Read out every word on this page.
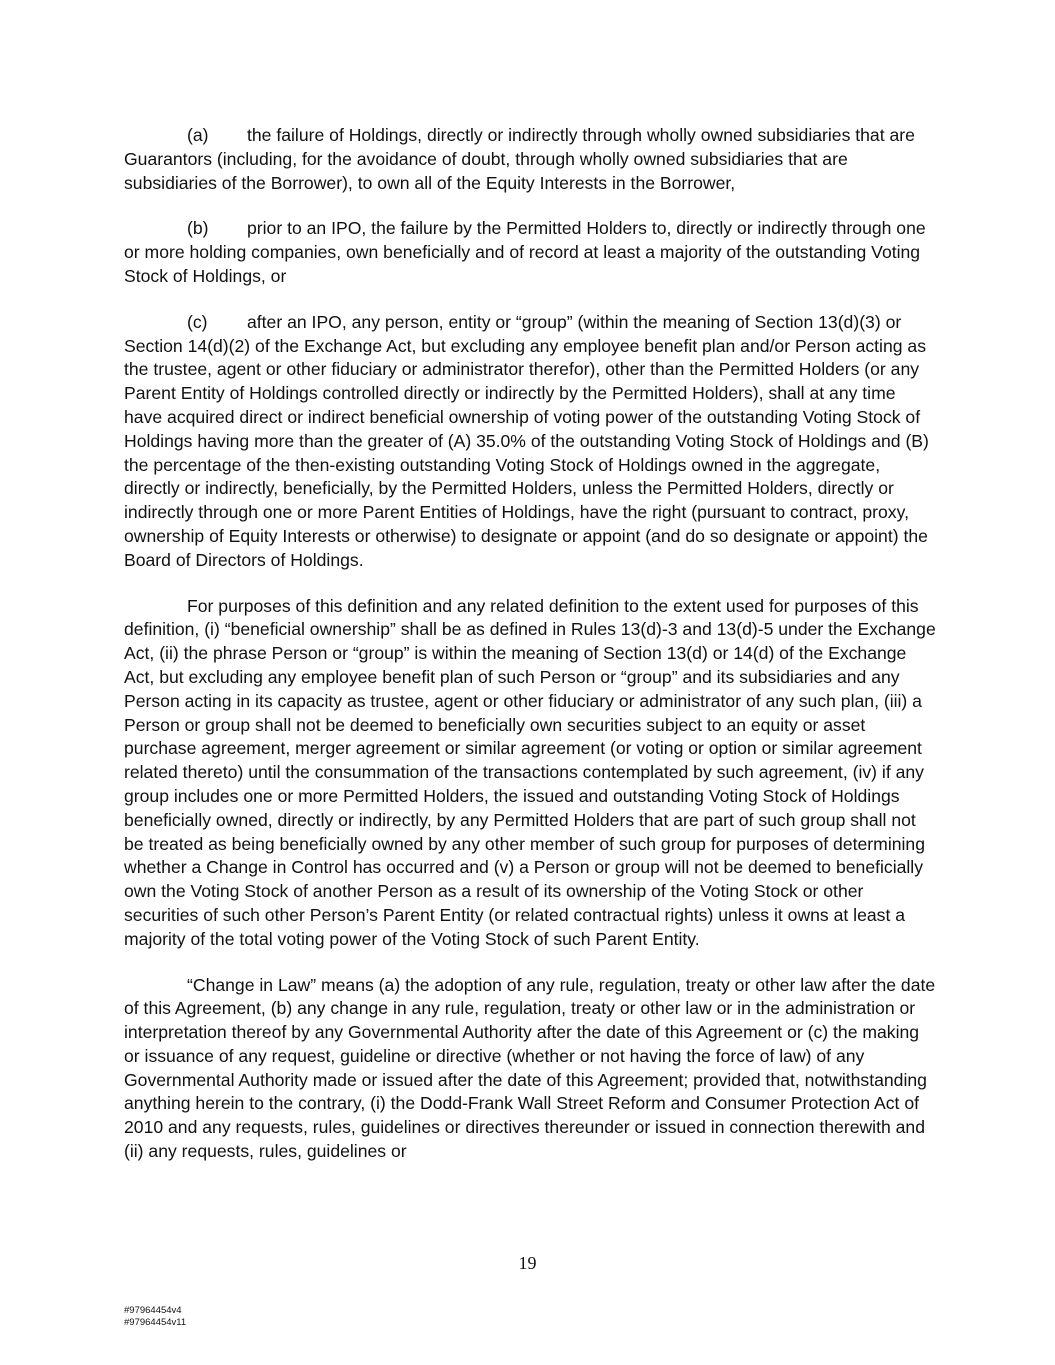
(a) the failure of Holdings, directly or indirectly through wholly owned subsidiaries that are Guarantors (including, for the avoidance of doubt, through wholly owned subsidiaries that are subsidiaries of the Borrower), to own all of the Equity Interests in the Borrower,

(b) prior to an IPO, the failure by the Permitted Holders to, directly or indirectly through one or more holding companies, own beneficially and of record at least a majority of the outstanding Voting Stock of Holdings, or

(c) after an IPO, any person, entity or “group” (within the meaning of Section 13(d)(3) or Section 14(d)(2) of the Exchange Act, but excluding any employee benefit plan and/or Person acting as the trustee, agent or other fiduciary or administrator therefor), other than the Permitted Holders (or any Parent Entity of Holdings controlled directly or indirectly by the Permitted Holders), shall at any time have acquired direct or indirect beneficial ownership of voting power of the outstanding Voting Stock of Holdings having more than the greater of (A) 35.0% of the outstanding Voting Stock of Holdings and (B) the percentage of the then-existing outstanding Voting Stock of Holdings owned in the aggregate, directly or indirectly, beneficially, by the Permitted Holders, unless the Permitted Holders, directly or indirectly through one or more Parent Entities of Holdings, have the right (pursuant to contract, proxy, ownership of Equity Interests or otherwise) to designate or appoint (and do so designate or appoint) the Board of Directors of Holdings.

For purposes of this definition and any related definition to the extent used for purposes of this definition, (i) “beneficial ownership” shall be as defined in Rules 13(d)-3 and 13(d)-5 under the Exchange Act, (ii) the phrase Person or “group” is within the meaning of Section 13(d) or 14(d) of the Exchange Act, but excluding any employee benefit plan of such Person or “group” and its subsidiaries and any Person acting in its capacity as trustee, agent or other fiduciary or administrator of any such plan, (iii) a Person or group shall not be deemed to beneficially own securities subject to an equity or asset purchase agreement, merger agreement or similar agreement (or voting or option or similar agreement related thereto) until the consummation of the transactions contemplated by such agreement, (iv) if any group includes one or more Permitted Holders, the issued and outstanding Voting Stock of Holdings beneficially owned, directly or indirectly, by any Permitted Holders that are part of such group shall not be treated as being beneficially owned by any other member of such group for purposes of determining whether a Change in Control has occurred and (v) a Person or group will not be deemed to beneficially own the Voting Stock of another Person as a result of its ownership of the Voting Stock or other securities of such other Person’s Parent Entity (or related contractual rights) unless it owns at least a majority of the total voting power of the Voting Stock of such Parent Entity.

“Change in Law” means (a) the adoption of any rule, regulation, treaty or other law after the date of this Agreement, (b) any change in any rule, regulation, treaty or other law or in the administration or interpretation thereof by any Governmental Authority after the date of this Agreement or (c) the making or issuance of any request, guideline or directive (whether or not having the force of law) of any Governmental Authority made or issued after the date of this Agreement; provided that, notwithstanding anything herein to the contrary, (i) the Dodd-Frank Wall Street Reform and Consumer Protection Act of 2010 and any requests, rules, guidelines or directives thereunder or issued in connection therewith and (ii) any requests, rules, guidelines or

19
#97964454v4
#97964454v11
